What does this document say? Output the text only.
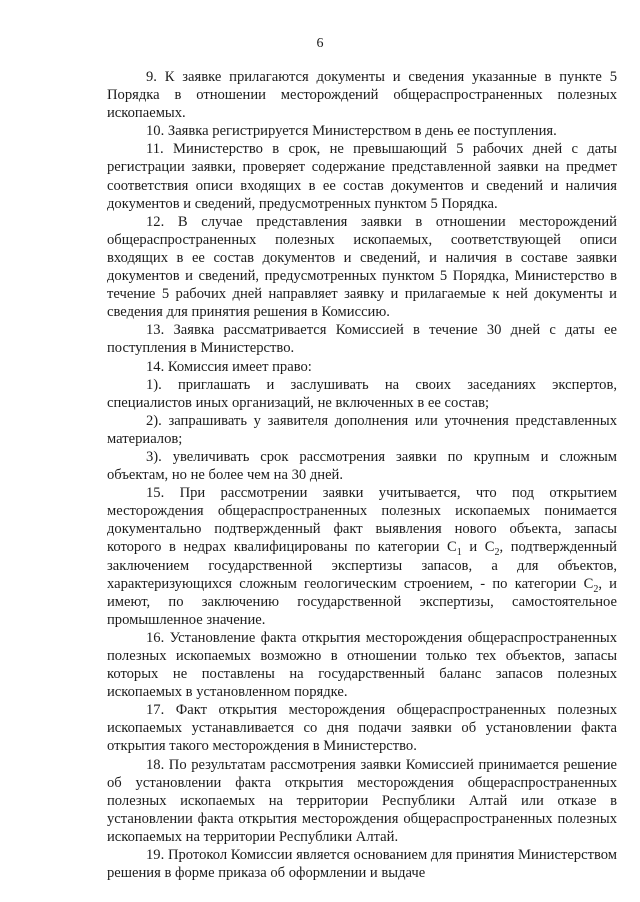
6

9. К заявке прилагаются документы и сведения указанные в пункте 5 Порядка в отношении месторождений общераспространенных полезных ископаемых.

10. Заявка регистрируется Министерством в день ее поступления.

11. Министерство в срок, не превышающий 5 рабочих дней с даты регистрации заявки, проверяет содержание представленной заявки на предмет соответствия описи входящих в ее состав документов и сведений и наличия документов и сведений, предусмотренных пунктом 5 Порядка.

12. В случае представления заявки в отношении месторождений общераспространенных полезных ископаемых, соответствующей описи входящих в ее состав документов и сведений, и наличия в составе заявки документов и сведений, предусмотренных пунктом 5 Порядка, Министерство в течение 5 рабочих дней направляет заявку и прилагаемые к ней документы и сведения для принятия решения в Комиссию.

13. Заявка рассматривается Комиссией в течение 30 дней с даты ее поступления в Министерство.

14. Комиссия имеет право:

1). приглашать и заслушивать на своих заседаниях экспертов, специалистов иных организаций, не включенных в ее состав;

2). запрашивать у заявителя дополнения или уточнения представленных материалов;

3). увеличивать срок рассмотрения заявки по крупным и сложным объектам, но не более чем на 30 дней.

15. При рассмотрении заявки учитывается, что под открытием месторождения общераспространенных полезных ископаемых понимается документально подтвержденный факт выявления нового объекта, запасы которого в недрах квалифицированы по категории $С_1$ и $С_2$, подтвержденный заключением государственной экспертизы запасов, а для объектов, характеризующихся сложным геологическим строением, - по категории $С_2$, и имеют, по заключению государственной экспертизы, самостоятельное промышленное значение.

16. Установление факта открытия месторождения общераспространенных полезных ископаемых возможно в отношении только тех объектов, запасы которых не поставлены на государственный баланс запасов полезных ископаемых в установленном порядке.

17. Факт открытия месторождения общераспространенных полезных ископаемых устанавливается со дня подачи заявки об установлении факта открытия такого месторождения в Министерство.

18. По результатам рассмотрения заявки Комиссией принимается решение об установлении факта открытия месторождения общераспространенных полезных ископаемых на территории Республики Алтай или отказе в установлении факта открытия месторождения общераспространенных полезных ископаемых на территории Республики Алтай.

19. Протокол Комиссии является основанием для принятия Министерством решения в форме приказа об оформлении и выдаче
